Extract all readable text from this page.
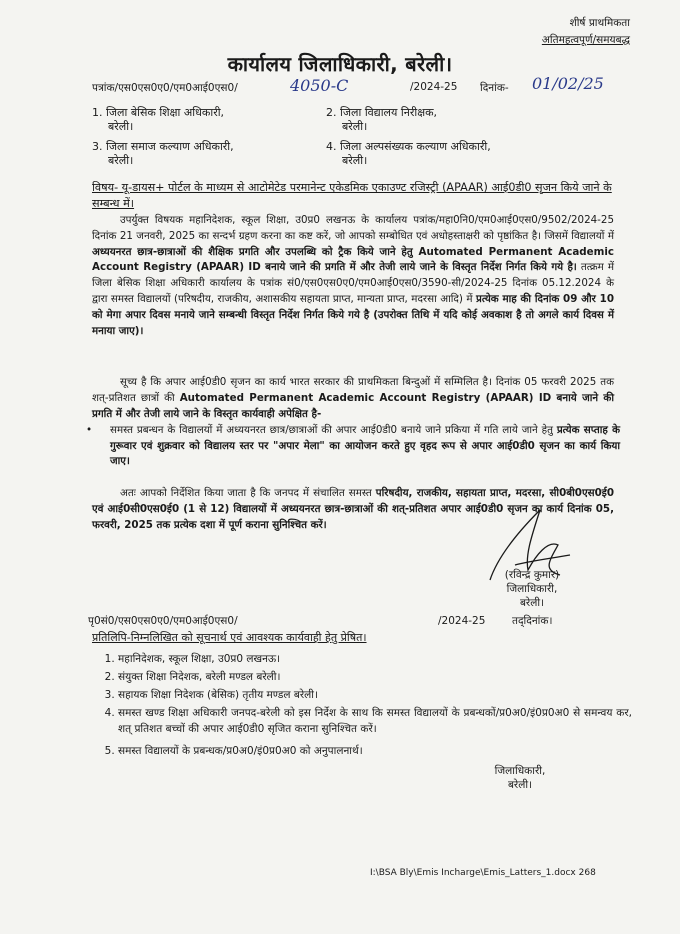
शीर्ष प्राथमिकता
अतिमहत्वपूर्ण/समयबद्ध
कार्यालय जिलाधिकारी, बरेली।
पत्रांक/एस0एस0ए0/एम0आई0एस0/	4050-C	/2024-25 दिनांक- 01/02/25
1. जिला बेसिक शिक्षा अधिकारी,
बरेली।
2. जिला विद्यालय निरीक्षक,
बरेली।
3. जिला समाज कल्याण अधिकारी,
बरेली।
4. जिला अल्पसंख्यक कल्याण अधिकारी,
बरेली।
विषय- यू-डायस+ पोर्टल के माध्यम से आटोमेटेड परमानेन्ट एकेडमिक एकाउण्ट रजिस्ट्री (APAAR) आई0डी0 सृजन किये जाने के सम्बन्ध में।
उपर्युक्त विषयक महानिदेशक, स्कूल शिक्षा, उ0प्र0 लखनऊ के कार्यालय पत्रांक/महा0नि0/एम0आई0एस0/9502/2024-25 दिनांक 21 जनवरी, 2025 का सन्दर्भ ग्रहण करना का कष्ट करें, जो आपको सम्बोधित एवं अधोहस्ताक्षरी को पृष्ठांकित है। जिसमें विद्यालयों में अध्ययनरत छात्र-छात्राओं की शैक्षिक प्रगति और उपलब्धि को ट्रैक किये जाने हेतु Automated Permanent Academic Account Registry (APAAR) ID बनाये जाने की प्रगति में और तेजी लाये जाने के विस्तृत निर्देश निर्गत किये गये है। तत्क्रम में जिला बेसिक शिक्षा अधिकारी कार्यालय के पत्रांक सं0/एस0एस0ए0/एम0आई0एस0/3590-सी/2024-25 दिनांक 05.12.2024 के द्वारा समस्त विद्यालयों (परिषदीय, राजकीय, अशासकीय सहायता प्राप्त, मान्यता प्राप्त, मदरसा आदि) में प्रत्येक माह की दिनांक 09 और 10 को मेगा अपार दिवस मनाये जाने सम्बन्धी विस्तृत निर्देश निर्गत किये गये है (उपरोक्त तिथि में यदि कोई अवकाश है तो अगले कार्य दिवस में मनाया जाए)।
सूच्य है कि अपार आई0डी0 सृजन का कार्य भारत सरकार की प्राथमिकता बिन्दुओं में सम्मिलित है। दिनांक 05 फरवरी 2025 तक शत्-प्रतिशत छात्रों की Automated Permanent Academic Account Registry (APAAR) ID बनाये जाने की प्रगति में और तेजी लाये जाने के विस्तृत कार्यवाही अपेक्षित है-
• समस्त प्रबन्धन के विद्यालयों में अध्ययनरत छात्र/छात्राओं की अपार आई0डी0 बनाये जाने प्रकिया में गति लाये जाने हेतु प्रत्येक सप्ताह के गुरूवार एवं शुक्रवार को विद्यालय स्तर पर "अपार मेला" का आयोजन करते हुए वृहद रूप से अपार आई0डी0 सृजन का कार्य किया जाए।
अतः आपको निर्देशित किया जाता है कि जनपद में संचालित समस्त परिषदीय, राजकीय, सहायता प्राप्त, मदरसा, सी0बी0एस0ई0 एवं आई0सी0एस0ई0 (1 से 12) विद्यालयों में अध्ययनरत छात्र-छात्राओं की शत्-प्रतिशत अपार आई0डी0 सृजन का कार्य दिनांक 05, फरवरी, 2025 तक प्रत्येक दशा में पूर्ण कराना सुनिश्चित करें।
(रविन्द्र कुमार)
जिलाधिकारी,
बरेली।
पृ0सं0/एस0एस0ए0/एम0आई0एस0/	/2024-25	तद्‌दिनांक।
प्रतिलिपि-निम्नलिखित को सूचनार्थ एवं आवश्यक कार्यवाही हेतु प्रेषित।
1. महानिदेशक, स्कूल शिक्षा, उ0प्र0 लखनऊ।
2. संयुक्त शिक्षा निदेशक, बरेली मण्डल बरेली।
3. सहायक शिक्षा निदेशक (बेसिक) तृतीय मण्डल बरेली।
4. समस्त खण्ड शिक्षा अधिकारी जनपद-बरेली को इस निर्देश के साथ कि समस्त विद्यालयों के प्रबन्धकों/प्र0अ0/इं0प्र0अ0 से समन्वय कर, शत् प्रतिशत बच्चों की अपार आई0डी0 सृजित कराना सुनिश्चित करें।
5. समस्त विद्यालयों के प्रबन्धक/प्र0अ0/इं0प्र0अ0 को अनुपालनार्थ।
जिलाधिकारी,
बरेली।
I:\BSA Bly\Emis Incharge\Emis_Latters_1.docx 268
